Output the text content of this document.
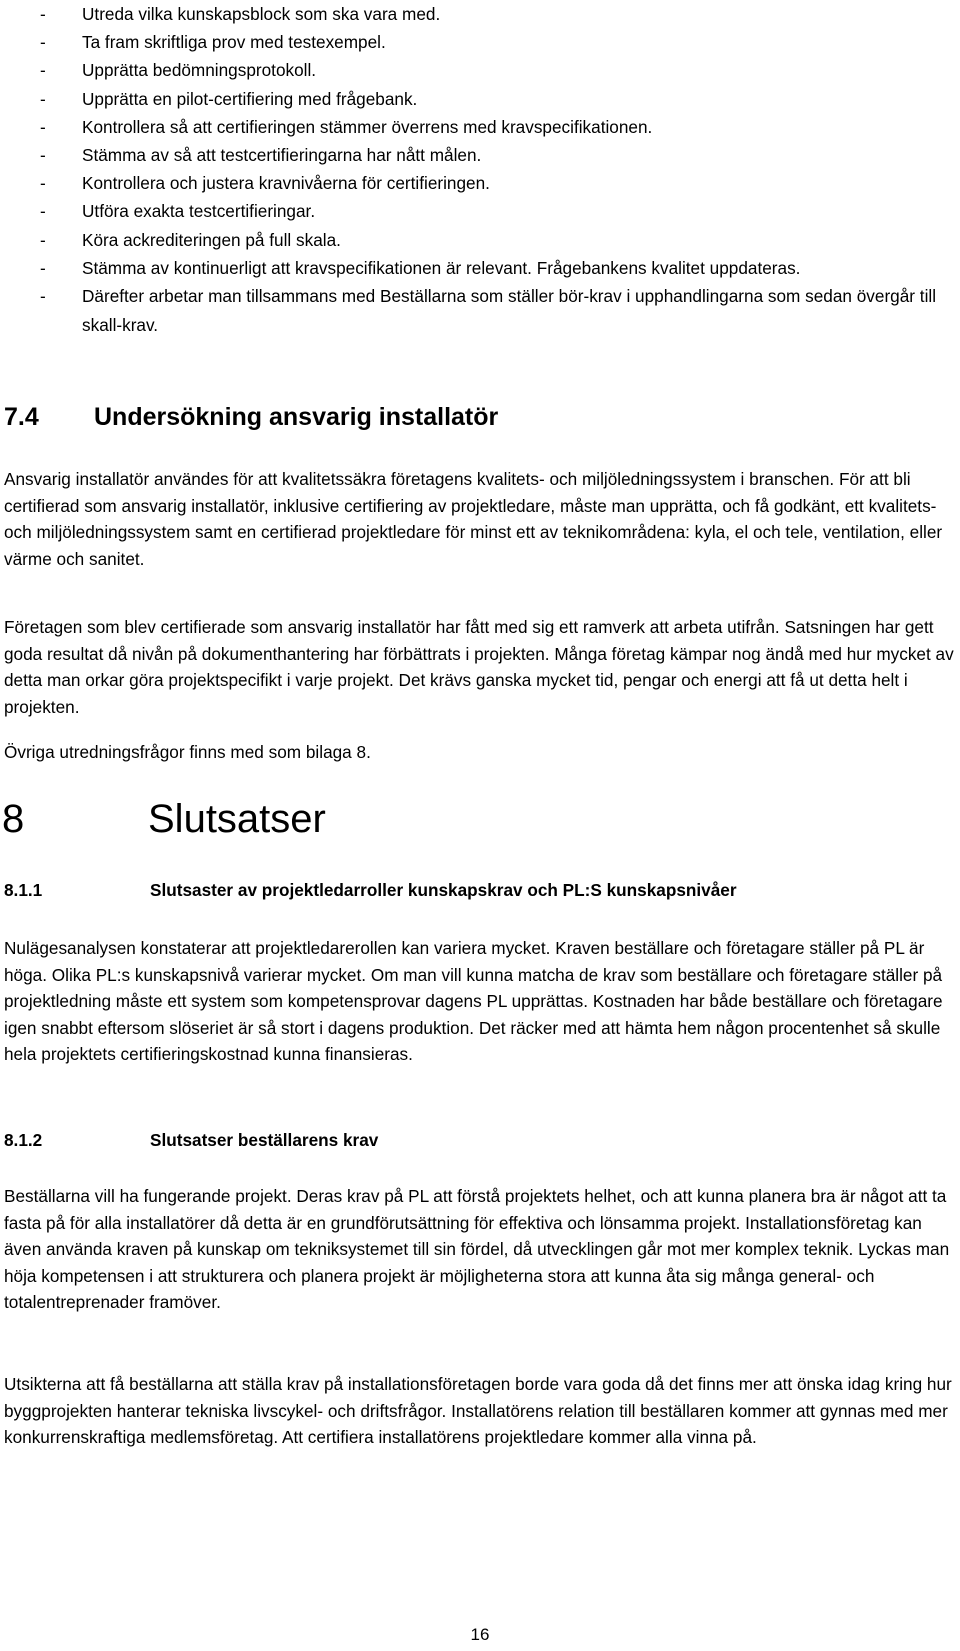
- Utreda vilka kunskapsblock som ska vara med.
- Ta fram skriftliga prov med testexempel.
- Upprätta bedömningsprotokoll.
- Upprätta en pilot-certifiering med frågebank.
- Kontrollera så att certifieringen stämmer överrens med kravspecifikationen.
- Stämma av så att testcertifieringarna har nått målen.
- Kontrollera och justera kravnivåerna för certifieringen.
- Utföra exakta testcertifieringar.
- Köra ackrediteringen på full skala.
- Stämma av kontinuerligt att kravspecifikationen är relevant. Frågebankens kvalitet uppdateras.
- Därefter arbetar man tillsammans med Beställarna som ställer bör-krav i upphandlingarna som sedan övergår till skall-krav.
7.4 Undersökning ansvarig installatör

Ansvarig installatör användes för att kvalitetssäkra företagens kvalitets- och miljöledningssystem i branschen. För att bli certifierad som ansvarig installatör, inklusive certifiering av projektledare, måste man upprätta, och få godkänt, ett kvalitets- och miljöledningssystem samt en certifierad projektledare för minst ett av teknikområdena: kyla, el och tele, ventilation, eller värme och sanitet.

Företagen som blev certifierade som ansvarig installatör har fått med sig ett ramverk att arbeta utifrån. Satsningen har gett goda resultat då nivån på dokumenthantering har förbättrats i projekten. Många företag kämpar nog ändå med hur mycket av detta man orkar göra projektspecifikt i varje projekt. Det krävs ganska mycket tid, pengar och energi att få ut detta helt i projekten.

Övriga utredningsfrågor finns med som bilaga 8.

8	Slutsatser
8.1.1	Slutsaster av projektledarroller kunskapskrav och PL:S kunskapsnivåer

Nulägesanalysen konstaterar att projektledarerollen kan variera mycket. Kraven beställare och företagare ställer på PL är höga. Olika PL:s kunskapsnivå varierar mycket. Om man vill kunna matcha de krav som beställare och företagare ställer på projektledning måste ett system som kompetensprovar dagens PL upprättas. Kostnaden har både beställare och företagare igen snabbt eftersom slöseriet är så stort i dagens produktion. Det räcker med att hämta hem någon procentenhet så skulle hela projektets certifieringskostnad kunna finansieras.

8.1.2	Slutsatser beställarens krav

Beställarna vill ha fungerande projekt. Deras krav på PL att förstå projektets helhet, och att kunna planera bra är något att ta fasta på för alla installatörer då detta är en grundförutsättning för effektiva och lönsamma projekt. Installationsföretag kan även använda kraven på kunskap om tekniksystemet till sin fördel, då utvecklingen går mot mer komplex teknik. Lyckas man höja kompetensen i att strukturera och planera projekt är möjligheterna stora att kunna åta sig många general- och totalentreprenader framöver.

Utsikterna att få beställarna att ställa krav på installationsföretagen borde vara goda då det finns mer att önska idag kring hur byggprojekten hanterar tekniska livscykel- och driftsfrågor. Installatörens relation till beställaren kommer att gynnas med mer konkurrenskraftiga medlemsföretag. Att certifiera installatörens projektledare kommer alla vinna på.

16
